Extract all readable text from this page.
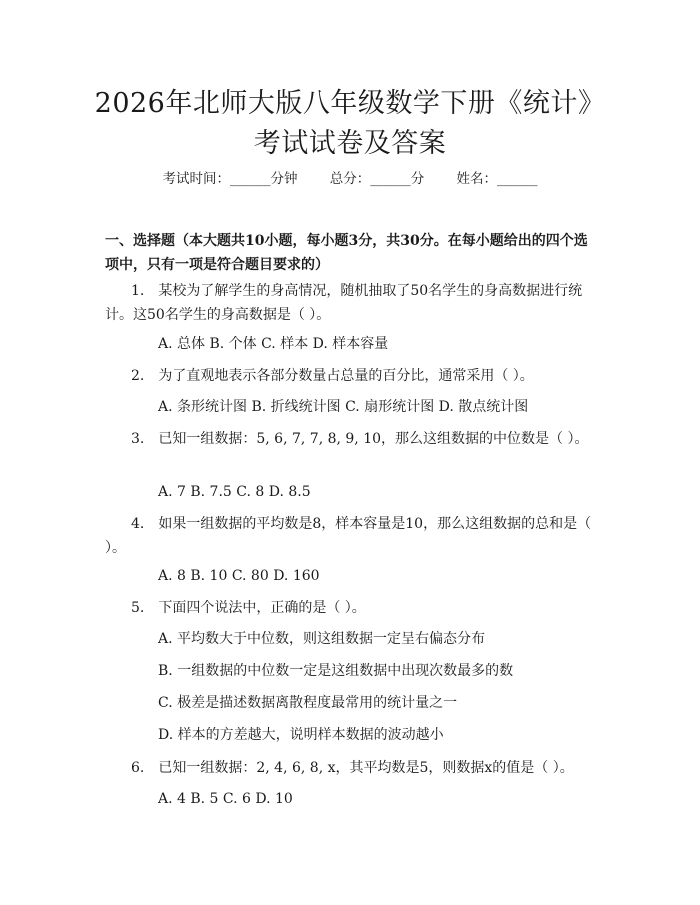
2026年北师大版八年级数学下册《统计》考试试卷及答案
考试时间：______分钟 总分：______分 姓名：______
一、选择题（本大题共10小题，每小题3分，共30分。在每小题给出的四个选项中，只有一项是符合题目要求的）
1. 某校为了解学生的身高情况，随机抽取了50名学生的身高数据进行统计。这50名学生的身高数据是（ ）。
A. 总体 B. 个体 C. 样本 D. 样本容量
2. 为了直观地表示各部分数量占总量的百分比，通常采用（ ）。
A. 条形统计图 B. 折线统计图 C. 扇形统计图 D. 散点统计图
3. 已知一组数据：5, 6, 7, 7, 8, 9, 10，那么这组数据的中位数是（ ）。
A. 7 B. 7.5 C. 8 D. 8.5
4. 如果一组数据的平均数是8，样本容量是10，那么这组数据的总和是（ ）。
A. 8 B. 10 C. 80 D. 160
5. 下面四个说法中，正确的是（ ）。
A. 平均数大于中位数，则这组数据一定呈右偏态分布
B. 一组数据的中位数一定是这组数据中出现次数最多的数
C. 极差是描述数据离散程度最常用的统计量之一
D. 样本的方差越大，说明样本数据的波动越小
6. 已知一组数据：2, 4, 6, 8, x，其平均数是5，则数据x的值是（ ）。
A. 4 B. 5 C. 6 D. 10
